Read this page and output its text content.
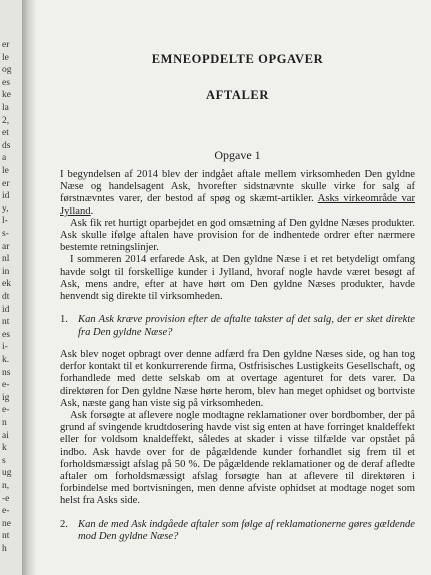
er
le
og
es
ke
la
2,
et
ds
a
le
er
id
y,
l-
s-
ar
nl
in
ek
dt
id
nt
es
i-
k.
ns
e-
ig
e-
n
ai
k
s
ug
n,
-e
e-
ne
nt
h
EMNEOPDELTE OPGAVER
AFTALER
Opgave 1

I begyndelsen af 2014 blev der indgået aftale mellem virksomheden Den gyldne Næse og handelsagent Ask, hvorefter sidstnævnte skulle virke for salg af førstnævntes varer, der bestod af spøg og skæmt-artikler. Asks virkeområde var Jylland.

Ask fik ret hurtigt oparbejdet en god omsætning af Den gyldne Næses produkter. Ask skulle ifølge aftalen have provision for de indhentede ordrer efter nærmere bestemte retningslinjer.

I sommeren 2014 erfarede Ask, at Den gyldne Næse i et ret betydeligt omfang havde solgt til forskellige kunder i Jylland, hvoraf nogle havde været besøgt af Ask, mens andre, efter at have hørt om Den gyldne Næses produkter, havde henvendt sig direkte til virksomheden.

1. Kan Ask kræve provision efter de aftalte takster af det salg, der er sket direkte fra Den gyldne Næse?

Ask blev noget opbragt over denne adfærd fra Den gyldne Næses side, og han tog derfor kontakt til et konkurrerende firma, Ostfrisisches Lustigkeits Gesellschaft, og forhandlede med dette selskab om at overtage agenturet for dets varer. Da direktøren for Den gyldne Næse hørte herom, blev han meget ophidset og bortviste Ask, næste gang han viste sig på virksomheden.

Ask forsøgte at aflevere nogle modtagne reklamationer over bordbomber, der på grund af svingende krudtdosering havde vist sig enten at have forringet knaldeffekt eller for voldsom knaldeffekt, således at skader i visse tilfælde var opstået på indbo. Ask havde over for de pågældende kunder forhandlet sig frem til et forholdsmæssigt afslag på 50 %. De pågældende reklamationer og de deraf afledte aftaler om forholdsmæssigt afslag forsøgte han at aflevere til direktøren i forbindelse med bortvisningen, men denne afviste ophidset at modtage noget som helst fra Asks side.

2. Kan de med Ask indgåede aftaler som følge af reklamationerne gøres gældende mod Den gyldne Næse?
